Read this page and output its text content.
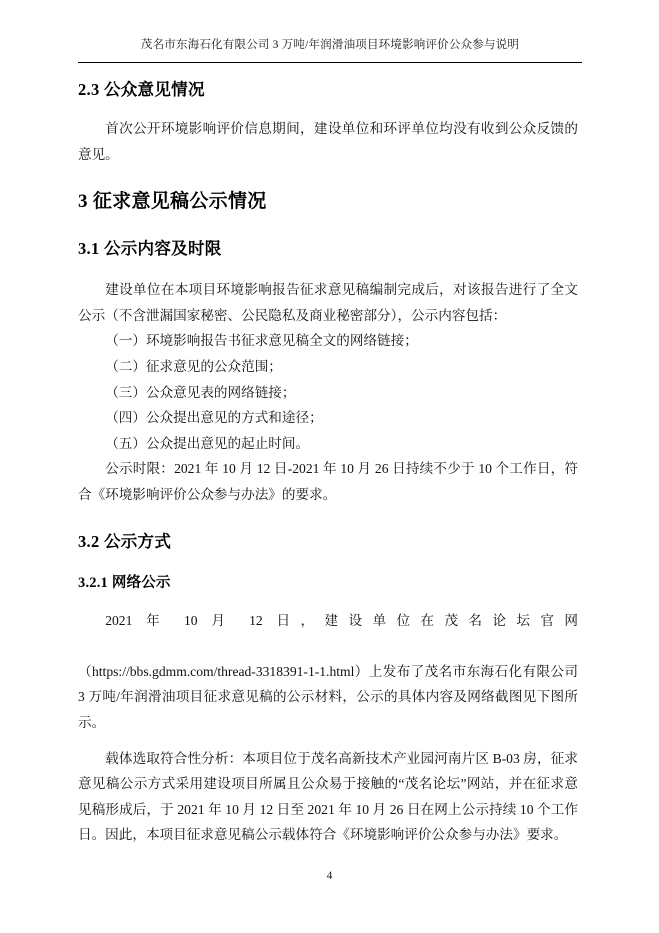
茂名市东海石化有限公司 3 万吨/年润滑油项目环境影响评价公众参与说明
2.3 公众意见情况

首次公开环境影响评价信息期间，建设单位和环评单位均没有收到公众反馈的意见。

3 征求意见稿公示情况
3.1 公示内容及时限

建设单位在本项目环境影响报告征求意见稿编制完成后，对该报告进行了全文公示（不含泄漏国家秘密、公民隐私及商业秘密部分），公示内容包括：

（一）环境影响报告书征求意见稿全文的网络链接；

（二）征求意见的公众范围；

（三）公众意见表的网络链接；

（四）公众提出意见的方式和途径；

（五）公众提出意见的起止时间。

公示时限：2021 年 10 月 12 日-2021 年 10 月 26 日持续不少于 10 个工作日，符合《环境影响评价公众参与办法》的要求。

3.2 公示方式
3.2.1 网络公示

2021 年 10 月 12 日，建设单位在茂名论坛官网

（https://bbs.gdmm.com/thread-3318391-1-1.html）上发布了茂名市东海石化有限公司 3 万吨/年润滑油项目征求意见稿的公示材料，公示的具体内容及网络截图见下图所示。

载体选取符合性分析：本项目位于茂名高新技术产业园河南片区 B-03 房，征求意见稿公示方式采用建设项目所属且公众易于接触的“茂名论坛”网站，并在征求意见稿形成后，于 2021 年 10 月 12 日至 2021 年 10 月 26 日在网上公示持续 10 个工作日。因此，本项目征求意见稿公示载体符合《环境影响评价公众参与办法》要求。

4
